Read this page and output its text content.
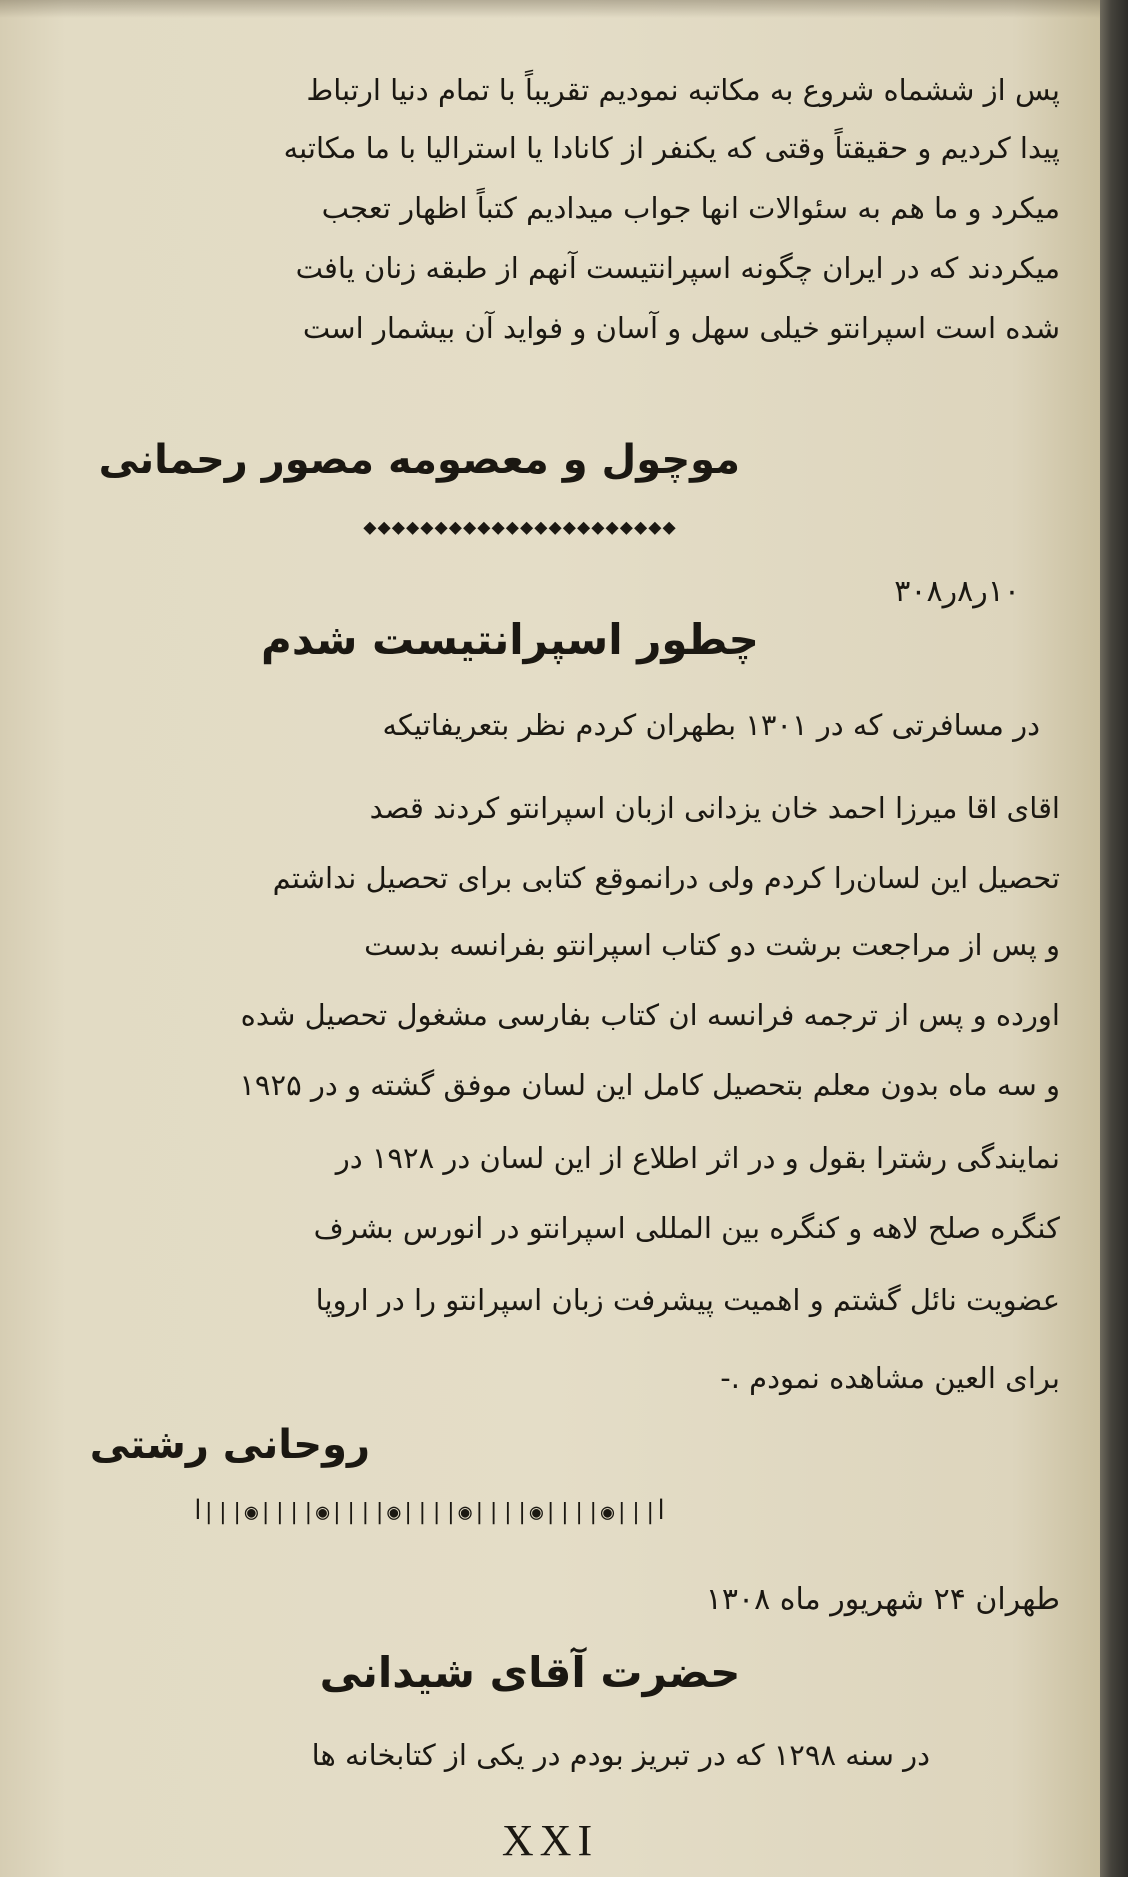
پس از ششماه شروع به مکاتبه نمودیم تقریباً با تمام دنیا ارتباط
پیدا کردیم و حقیقتاً وقتی که یکنفر از کانادا یا استرالیا با ما مکاتبه
میکرد و ما هم به سئوالات انها جواب میدادیم کتباً اظهار تعجب
میکردند که در ایران چگونه اسپرانتیست آنهم از طبقه زنان یافت
شده است اسپرانتو خیلی سهل و آسان و فواید آن بیشمار است
موچول و معصومه مصور رحمانی
◆◆◆◆◆◆◆◆◆◆◆◆◆◆◆◆◆◆◆◆◆◆
۱۰ر۸ر۳۰۸
چطور اسپرانتیست شدم
در مسافرتی که در ۱۳۰۱ بطهران کردم نظر بتعریفاتیکه
اقای اقا میرزا احمد خان یزدانی ازبان اسپرانتو کردند قصد
تحصیل این لسان‌را کردم ولی درانموقع کتابی برای تحصیل نداشتم
و پس از مراجعت برشت دو کتاب اسپرانتو بفرانسه بدست
اورده و پس از ترجمه فرانسه ان کتاب بفارسی مشغول تحصیل شده
و سه ماه بدون معلم بتحصیل کامل این لسان موفق گشته و در ۱۹۲۵
نمایندگی رشترا بقول و در اثر اطلاع از این لسان در ۱۹۲۸ در
کنگره صلح لاهه و کنگره بین المللی اسپرانتو در انورس بشرف
عضویت نائل گشتم و اهمیت پیشرفت زبان اسپرانتو را در اروپا
برای العین مشاهده نمودم .-
روحانی رشتی
ꟾ|||◉||||◉||||◉||||◉||||◉||||◉|||ꟾ
طهران ۲۴ شهریور ماه ۱۳۰۸
حضرت آقای شیدانی
در سنه ۱۲۹۸ که در تبریز بودم در یکی از کتابخانه ها
XXI
